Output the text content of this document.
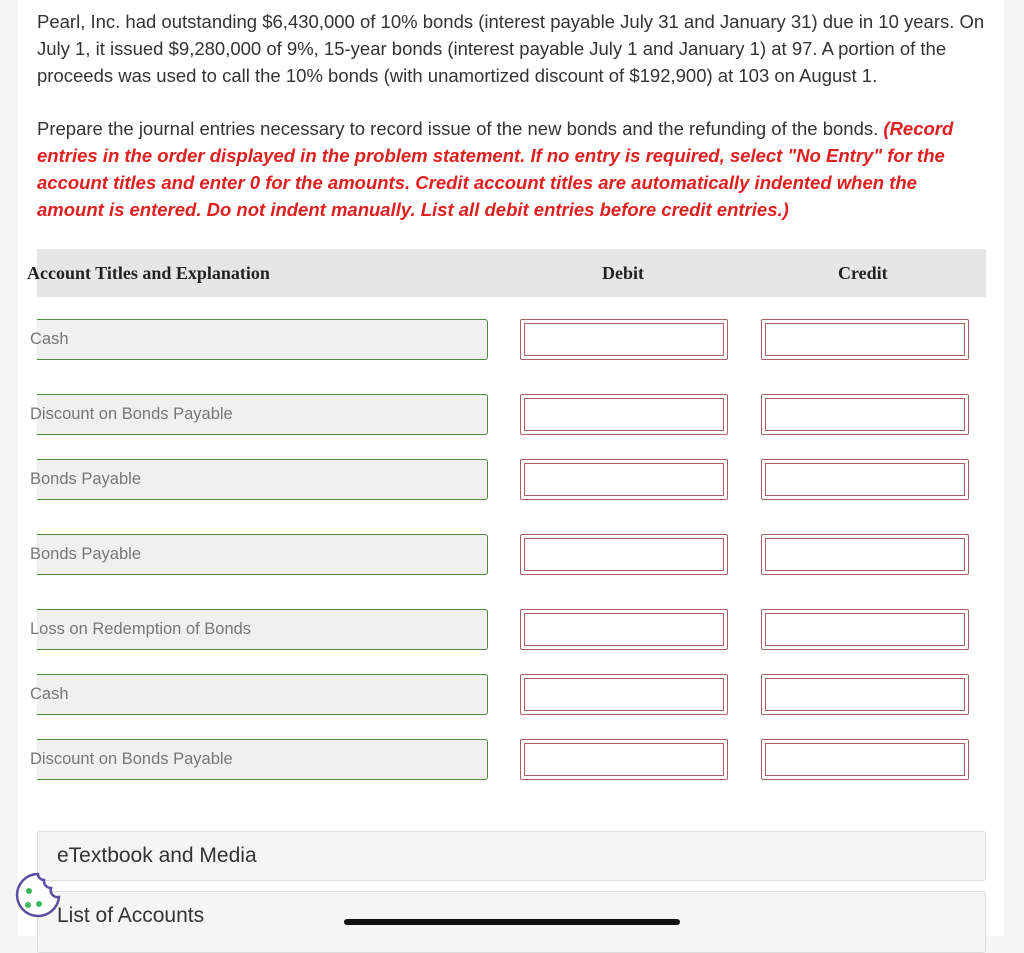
Pearl, Inc. had outstanding $6,430,000 of 10% bonds (interest payable July 31 and January 31) due in 10 years. On July 1, it issued $9,280,000 of 9%, 15-year bonds (interest payable July 1 and January 1) at 97. A portion of the proceeds was used to call the 10% bonds (with unamortized discount of $192,900) at 103 on August 1.
Prepare the journal entries necessary to record issue of the new bonds and the refunding of the bonds. (Record entries in the order displayed in the problem statement. If no entry is required, select "No Entry" for the account titles and enter 0 for the amounts. Credit account titles are automatically indented when the amount is entered. Do not indent manually. List all debit entries before credit entries.)
Account Titles and Explanation	Debit	Credit
Cash
Discount on Bonds Payable
Bonds Payable
Bonds Payable
Loss on Redemption of Bonds
Cash
Discount on Bonds Payable
eTextbook and Media
List of Accounts
